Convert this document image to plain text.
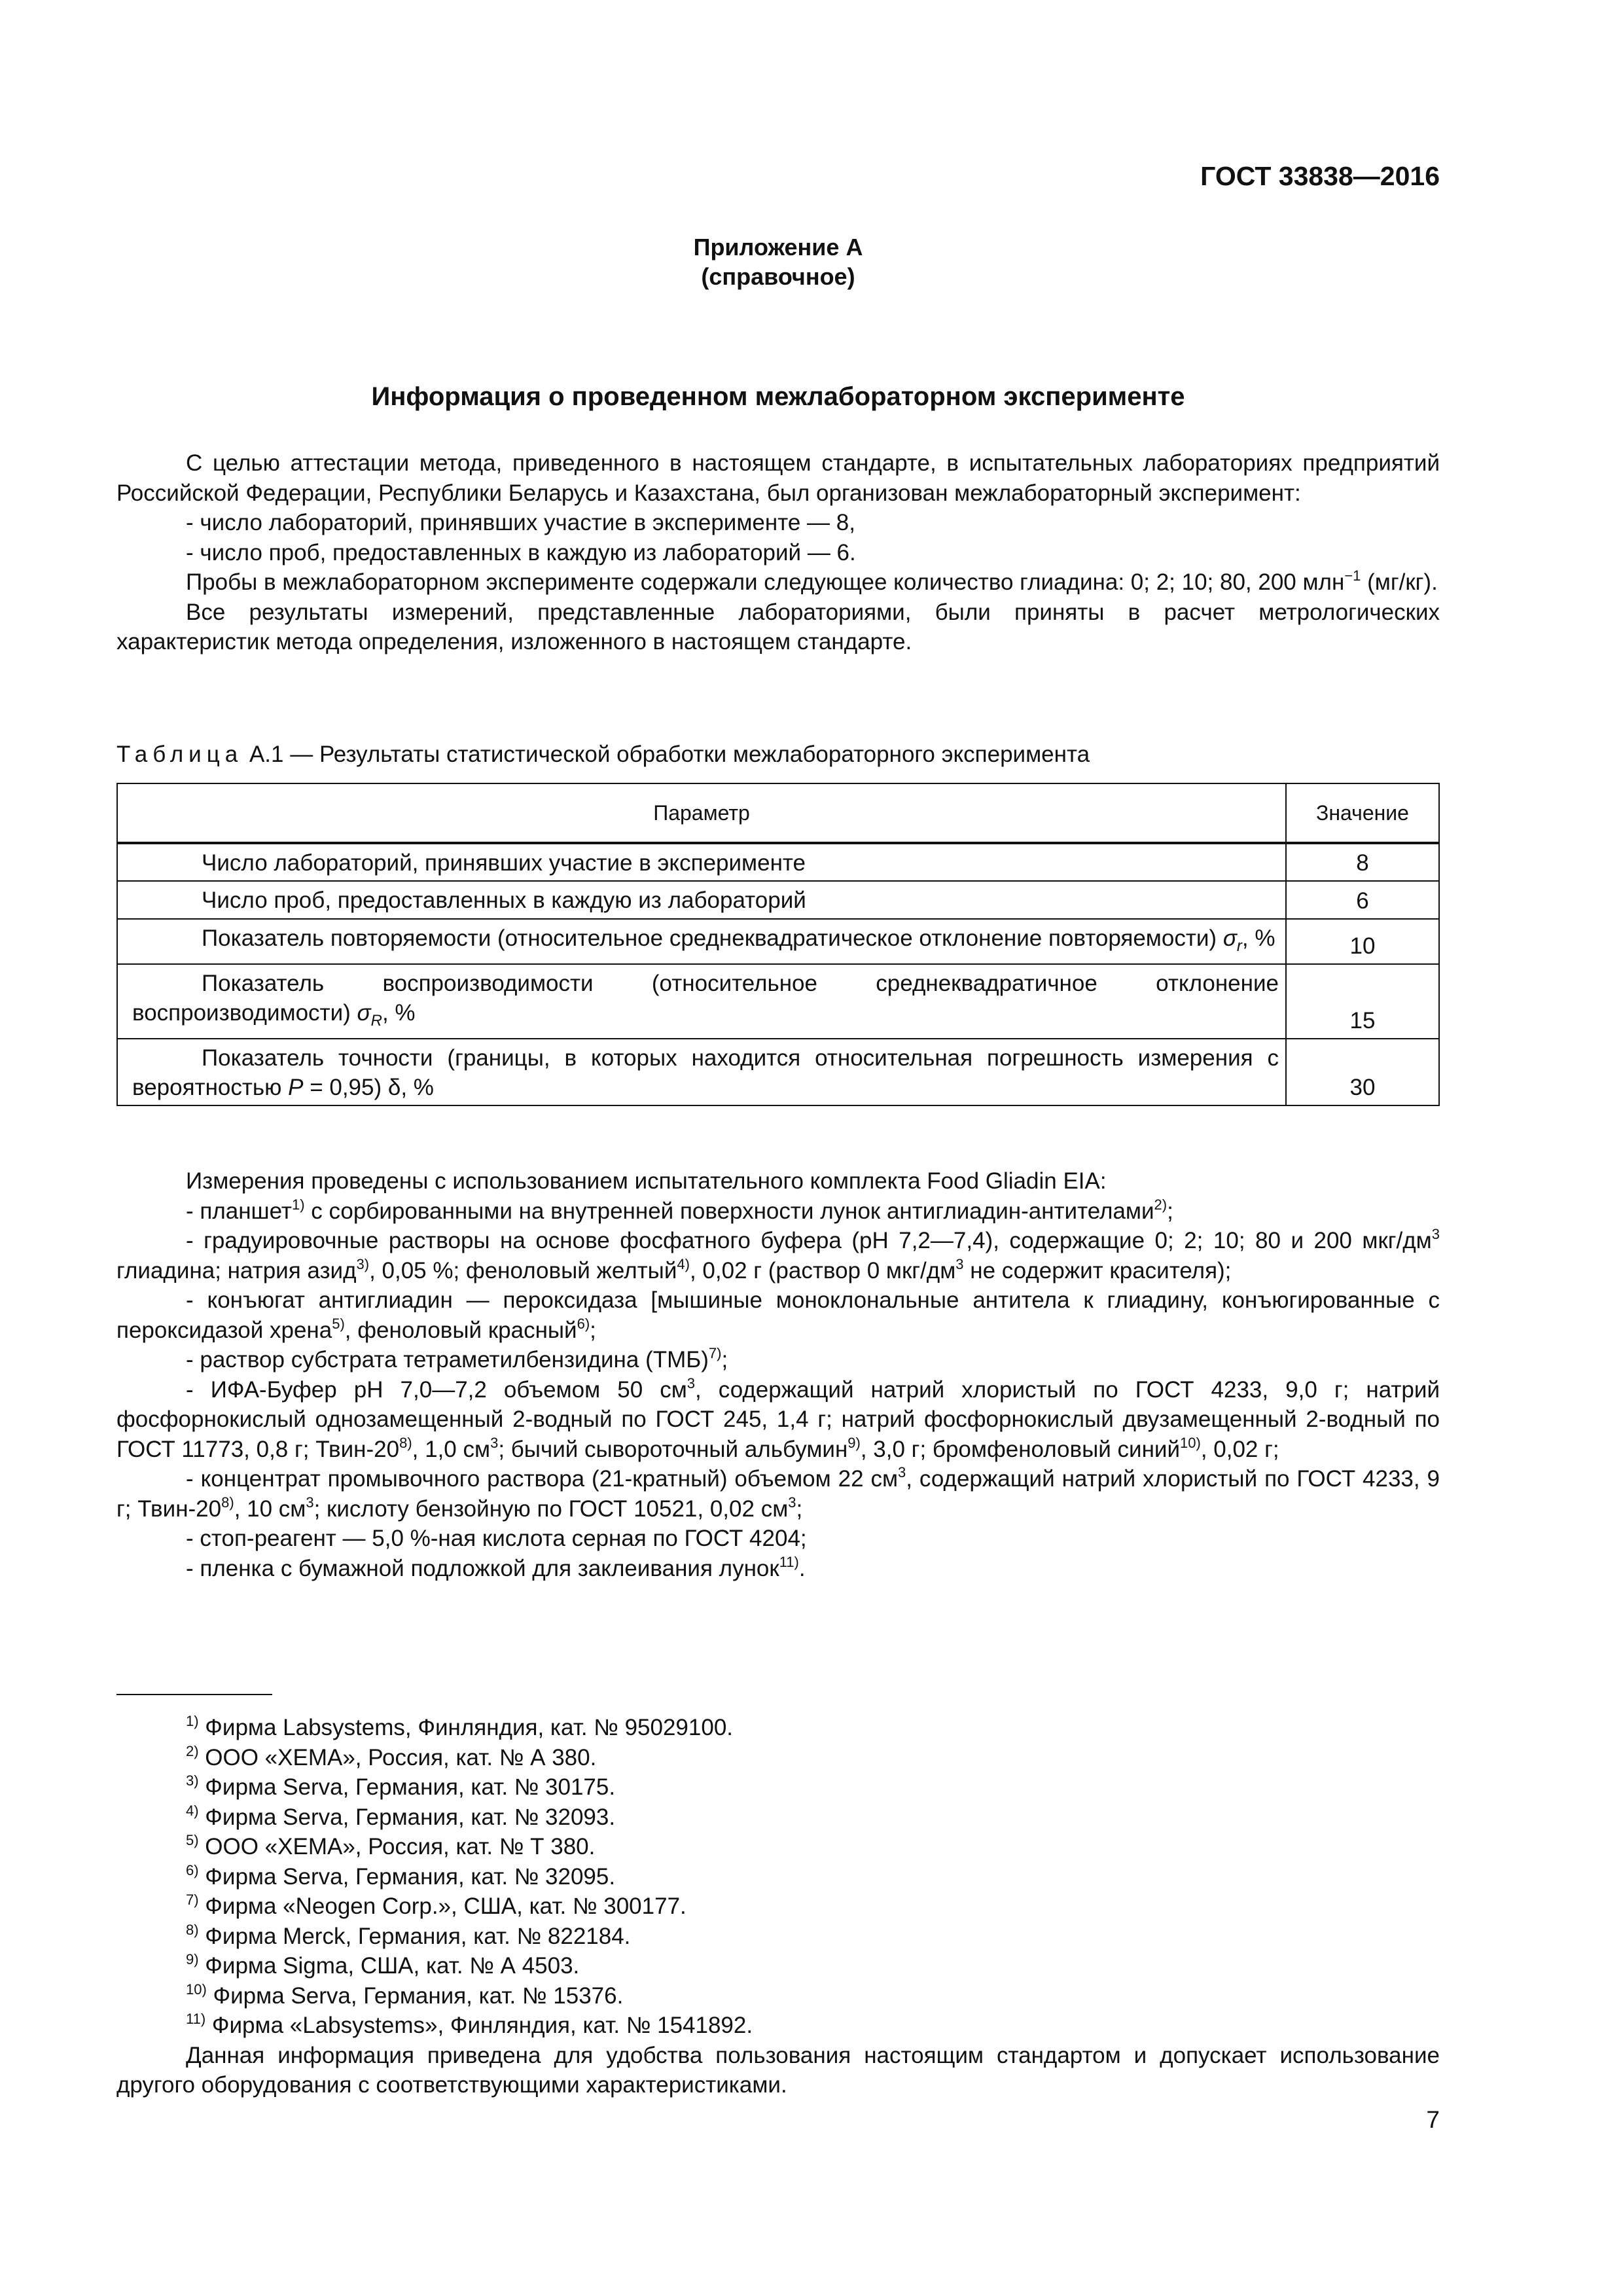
ГОСТ 33838—2016
Приложение А
(справочное)
Информация о проведенном межлабораторном эксперименте

С целью аттестации метода, приведенного в настоящем стандарте, в испытательных лабораториях предприятий Российской Федерации, Республики Беларусь и Казахстана, был организован межлабораторный эксперимент:

- число лабораторий, принявших участие в эксперименте — 8,

- число проб, предоставленных в каждую из лабораторий — 6.

Пробы в межлабораторном эксперименте содержали следующее количество глиадина: 0; 2; 10; 80, 200 млн$^{-1}$ (мг/кг).

Все результаты измерений, представленные лабораториями, были приняты в расчет метрологических характеристик метода определения, изложенного в настоящем стандарте.

Таблица А.1 — Результаты статистической обработки межлабораторного эксперимента
Параметр	Значение
Число лабораторий, принявших участие в эксперименте	8
Число проб, предоставленных в каждую из лабораторий	6
Показатель повторяемости (относительное среднеквадратическое отклонение повторяемости) $\sigma_r$, %	10
Показатель воспроизводимости (относительное среднеквадратичное отклонение воспроизводимости) $\sigma_R$, %	15
Показатель точности (границы, в которых находится относительная погрешность измерения с вероятностью P = 0,95) δ, %	30

Измерения проведены с использованием испытательного комплекта Food Gliadin EIA:

- планшет$^{1)}$ с сорбированными на внутренней поверхности лунок антиглиадин-антителами$^{2)}$;

- градуировочные растворы на основе фосфатного буфера (рН 7,2—7,4), содержащие 0; 2; 10; 80 и 200 мкг/$дм^3$ глиадина; натрия азид$^{3)}$, 0,05 %; феноловый желтый$^{4)}$, 0,02 г (раствор 0 мкг/$дм^3$ не содержит красителя);

- конъюгат антиглиадин — пероксидаза [мышиные моноклональные антитела к глиадину, конъюгированные с пероксидазой хрена$^{5)}$, феноловый красный$^{6)}$;

- раствор субстрата тетраметилбензидина (ТМБ)$^{7)}$;

- ИФА-Буфер рН 7,0—7,2 объемом 50 $см^3$, содержащий натрий хлористый по ГОСТ 4233, 9,0 г; натрий фосфорнокислый однозамещенный 2-водный по ГОСТ 245, 1,4 г; натрий фосфорнокислый двузамещенный 2-водный по ГОСТ 11773, 0,8 г; Твин-20$^{8)}$, 1,0 $см^3$; бычий сывороточный альбумин$^{9)}$, 3,0 г; бромфеноловый синий$^{10)}$, 0,02 г;

- концентрат промывочного раствора (21-кратный) объемом 22 $см^3$, содержащий натрий хлористый по ГОСТ 4233, 9 г; Твин-20$^{8)}$, 10 $см^3$; кислоту бензойную по ГОСТ 10521, 0,02 $см^3$;

- стоп-реагент — 5,0 %-ная кислота серная по ГОСТ 4204;

- пленка с бумажной подложкой для заклеивания лунок$^{11)}$.

$^{1)}$ Фирма Labsystems, Финляндия, кат. № 95029100.

$^{2)}$ ООО «ХЕМА», Россия, кат. № А 380.

$^{3)}$ Фирма Serva, Германия, кат. № 30175.

$^{4)}$ Фирма Serva, Германия, кат. № 32093.

$^{5)}$ ООО «ХЕМА», Россия, кат. № Т 380.

$^{6)}$ Фирма Serva, Германия, кат. № 32095.

$^{7)}$ Фирма «Neogen Corp.», США, кат. № 300177.

$^{8)}$ Фирма Merck, Германия, кат. № 822184.

$^{9)}$ Фирма Sigma, США, кат. № А 4503.

$^{10)}$ Фирма Serva, Германия, кат. № 15376.

$^{11)}$ Фирма «Labsystems», Финляндия, кат. № 1541892.

Данная информация приведена для удобства пользования настоящим стандартом и допускает использование другого оборудования с соответствующими характеристиками.

7
